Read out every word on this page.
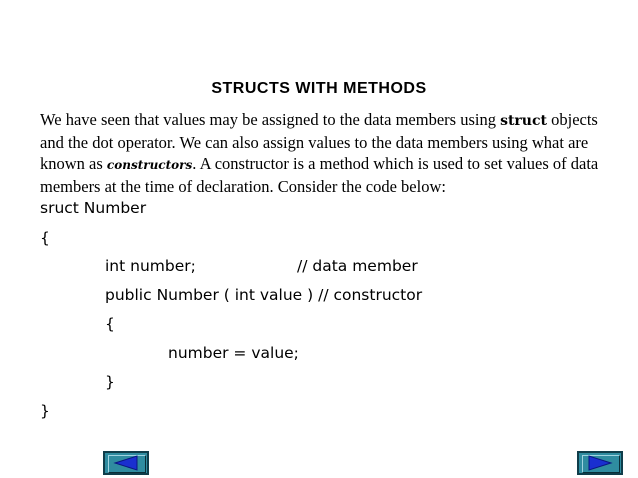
STRUCTS WITH METHODS
We have seen that values may be assigned to the data members using struct objects and the dot operator. We can also assign values to the data members using what are known as constructors. A constructor is a method which is used to set values of data members at the time of declaration. Consider the code below:
sruct Number
{
int number;	// data member
public Number ( int value ) // constructor
{
number = value;
}
}
